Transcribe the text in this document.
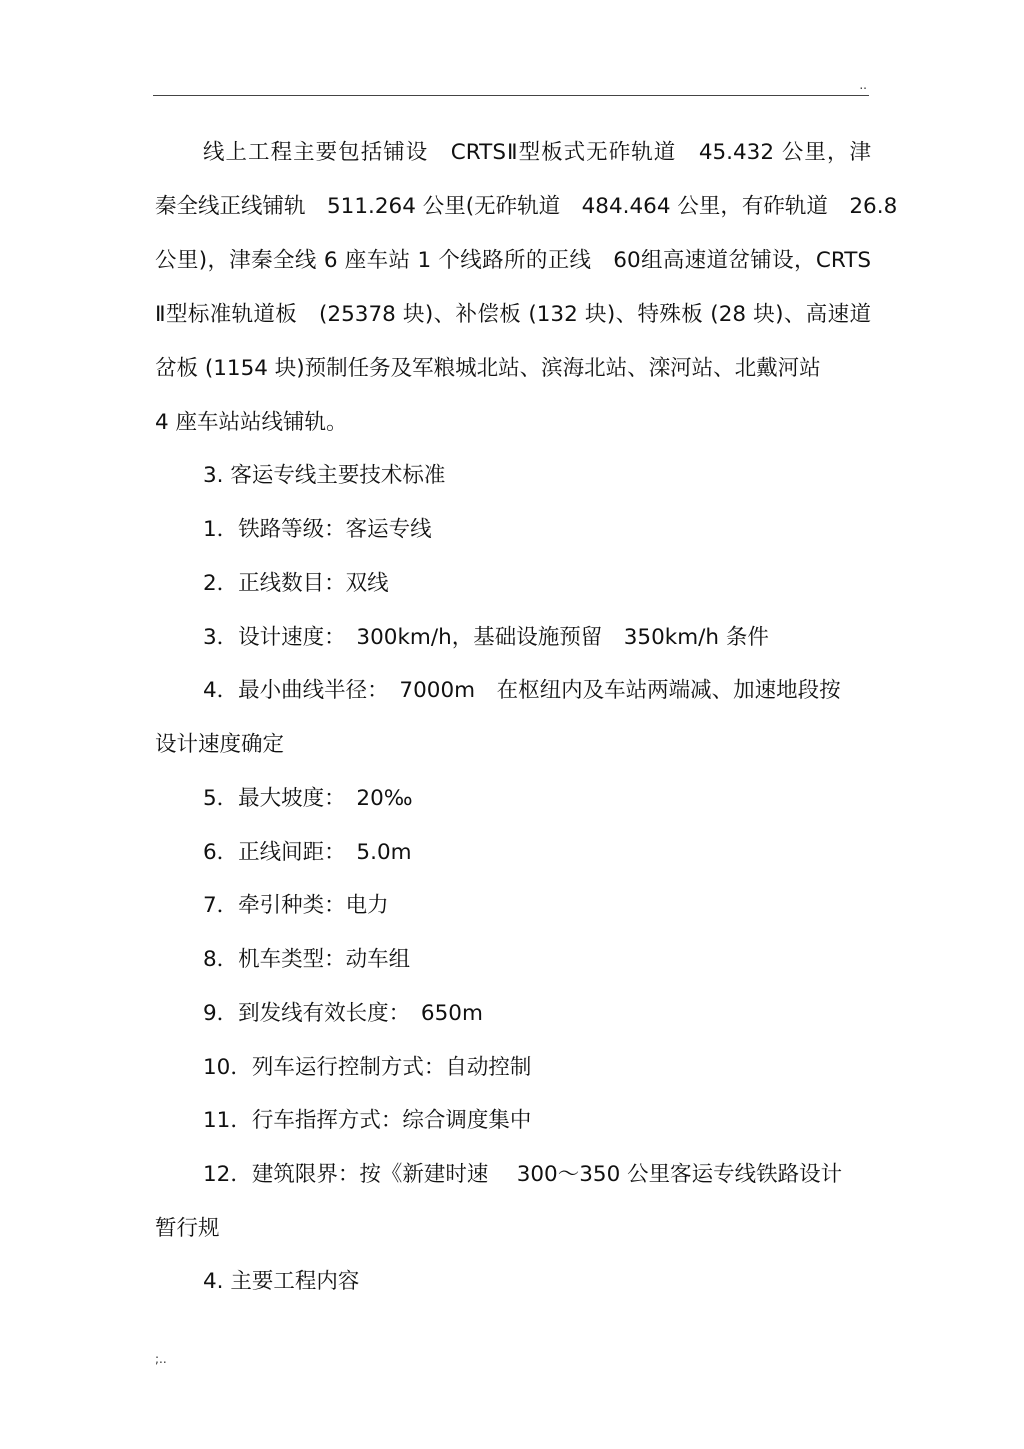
..
线上工程主要包括铺设　CRTSⅡ型板式无砟轨道　45.432 公里，津
秦全线正线铺轨　511.264 公里(无砟轨道　484.464 公里，有砟轨道　26.8
公里)，津秦全线 6 座车站 1 个线路所的正线　60组高速道岔铺设，CRTS
Ⅱ型标准轨道板　(25378 块)、补偿板 (132 块)、特殊板 (28 块)、高速道
岔板 (1154 块)预制任务及军粮城北站、滨海北站、滦河站、北戴河站
4 座车站站线铺轨。
3. 客运专线主要技术标准
1．铁路等级：客运专线
2．正线数目：双线
3．设计速度：　300km/h，基础设施预留　350km/h 条件
4．最小曲线半径：　7000m　在枢纽内及车站两端减、加速地段按
设计速度确定
5．最大坡度：　20‰
6．正线间距：　5.0m
7．牵引种类：电力
8．机车类型：动车组
9．到发线有效长度：　650m
10．列车运行控制方式：自动控制
11．行车指挥方式：综合调度集中
12．建筑限界：按《新建时速　 300～350 公里客运专线铁路设计
暂行规
4. 主要工程内容
;..
